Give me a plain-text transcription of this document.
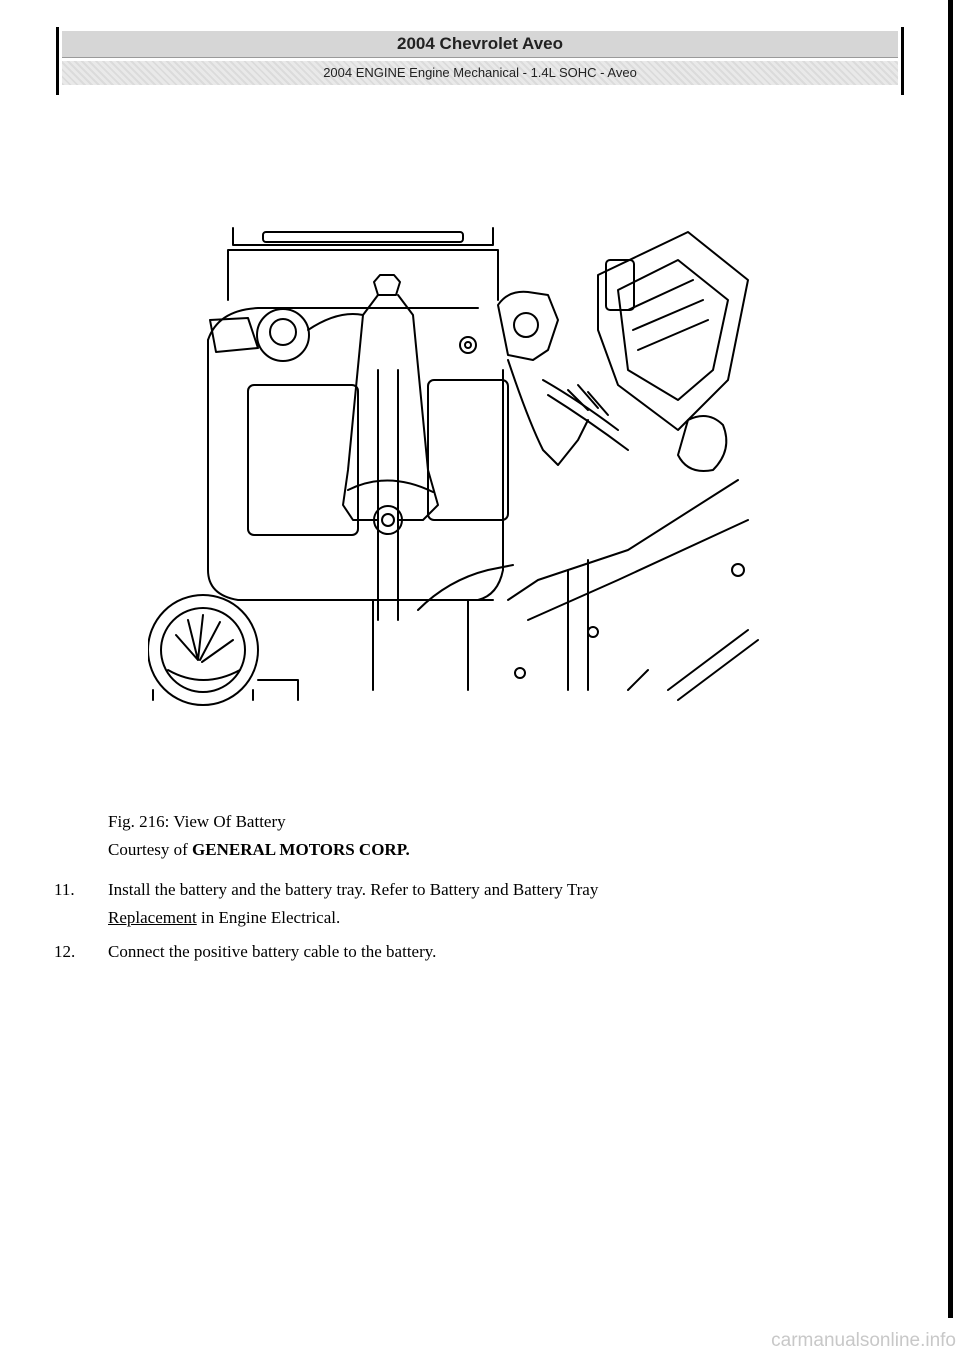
2004 Chevrolet Aveo
2004 ENGINE Engine Mechanical - 1.4L SOHC - Aveo
Fig. 216: View Of Battery
Courtesy of GENERAL MOTORS CORP.
11.	Install the battery and the battery tray. Refer to Battery and Battery Tray
Replacement in Engine Electrical.
12.	Connect the positive battery cable to the battery.
carmanualsonline.info
